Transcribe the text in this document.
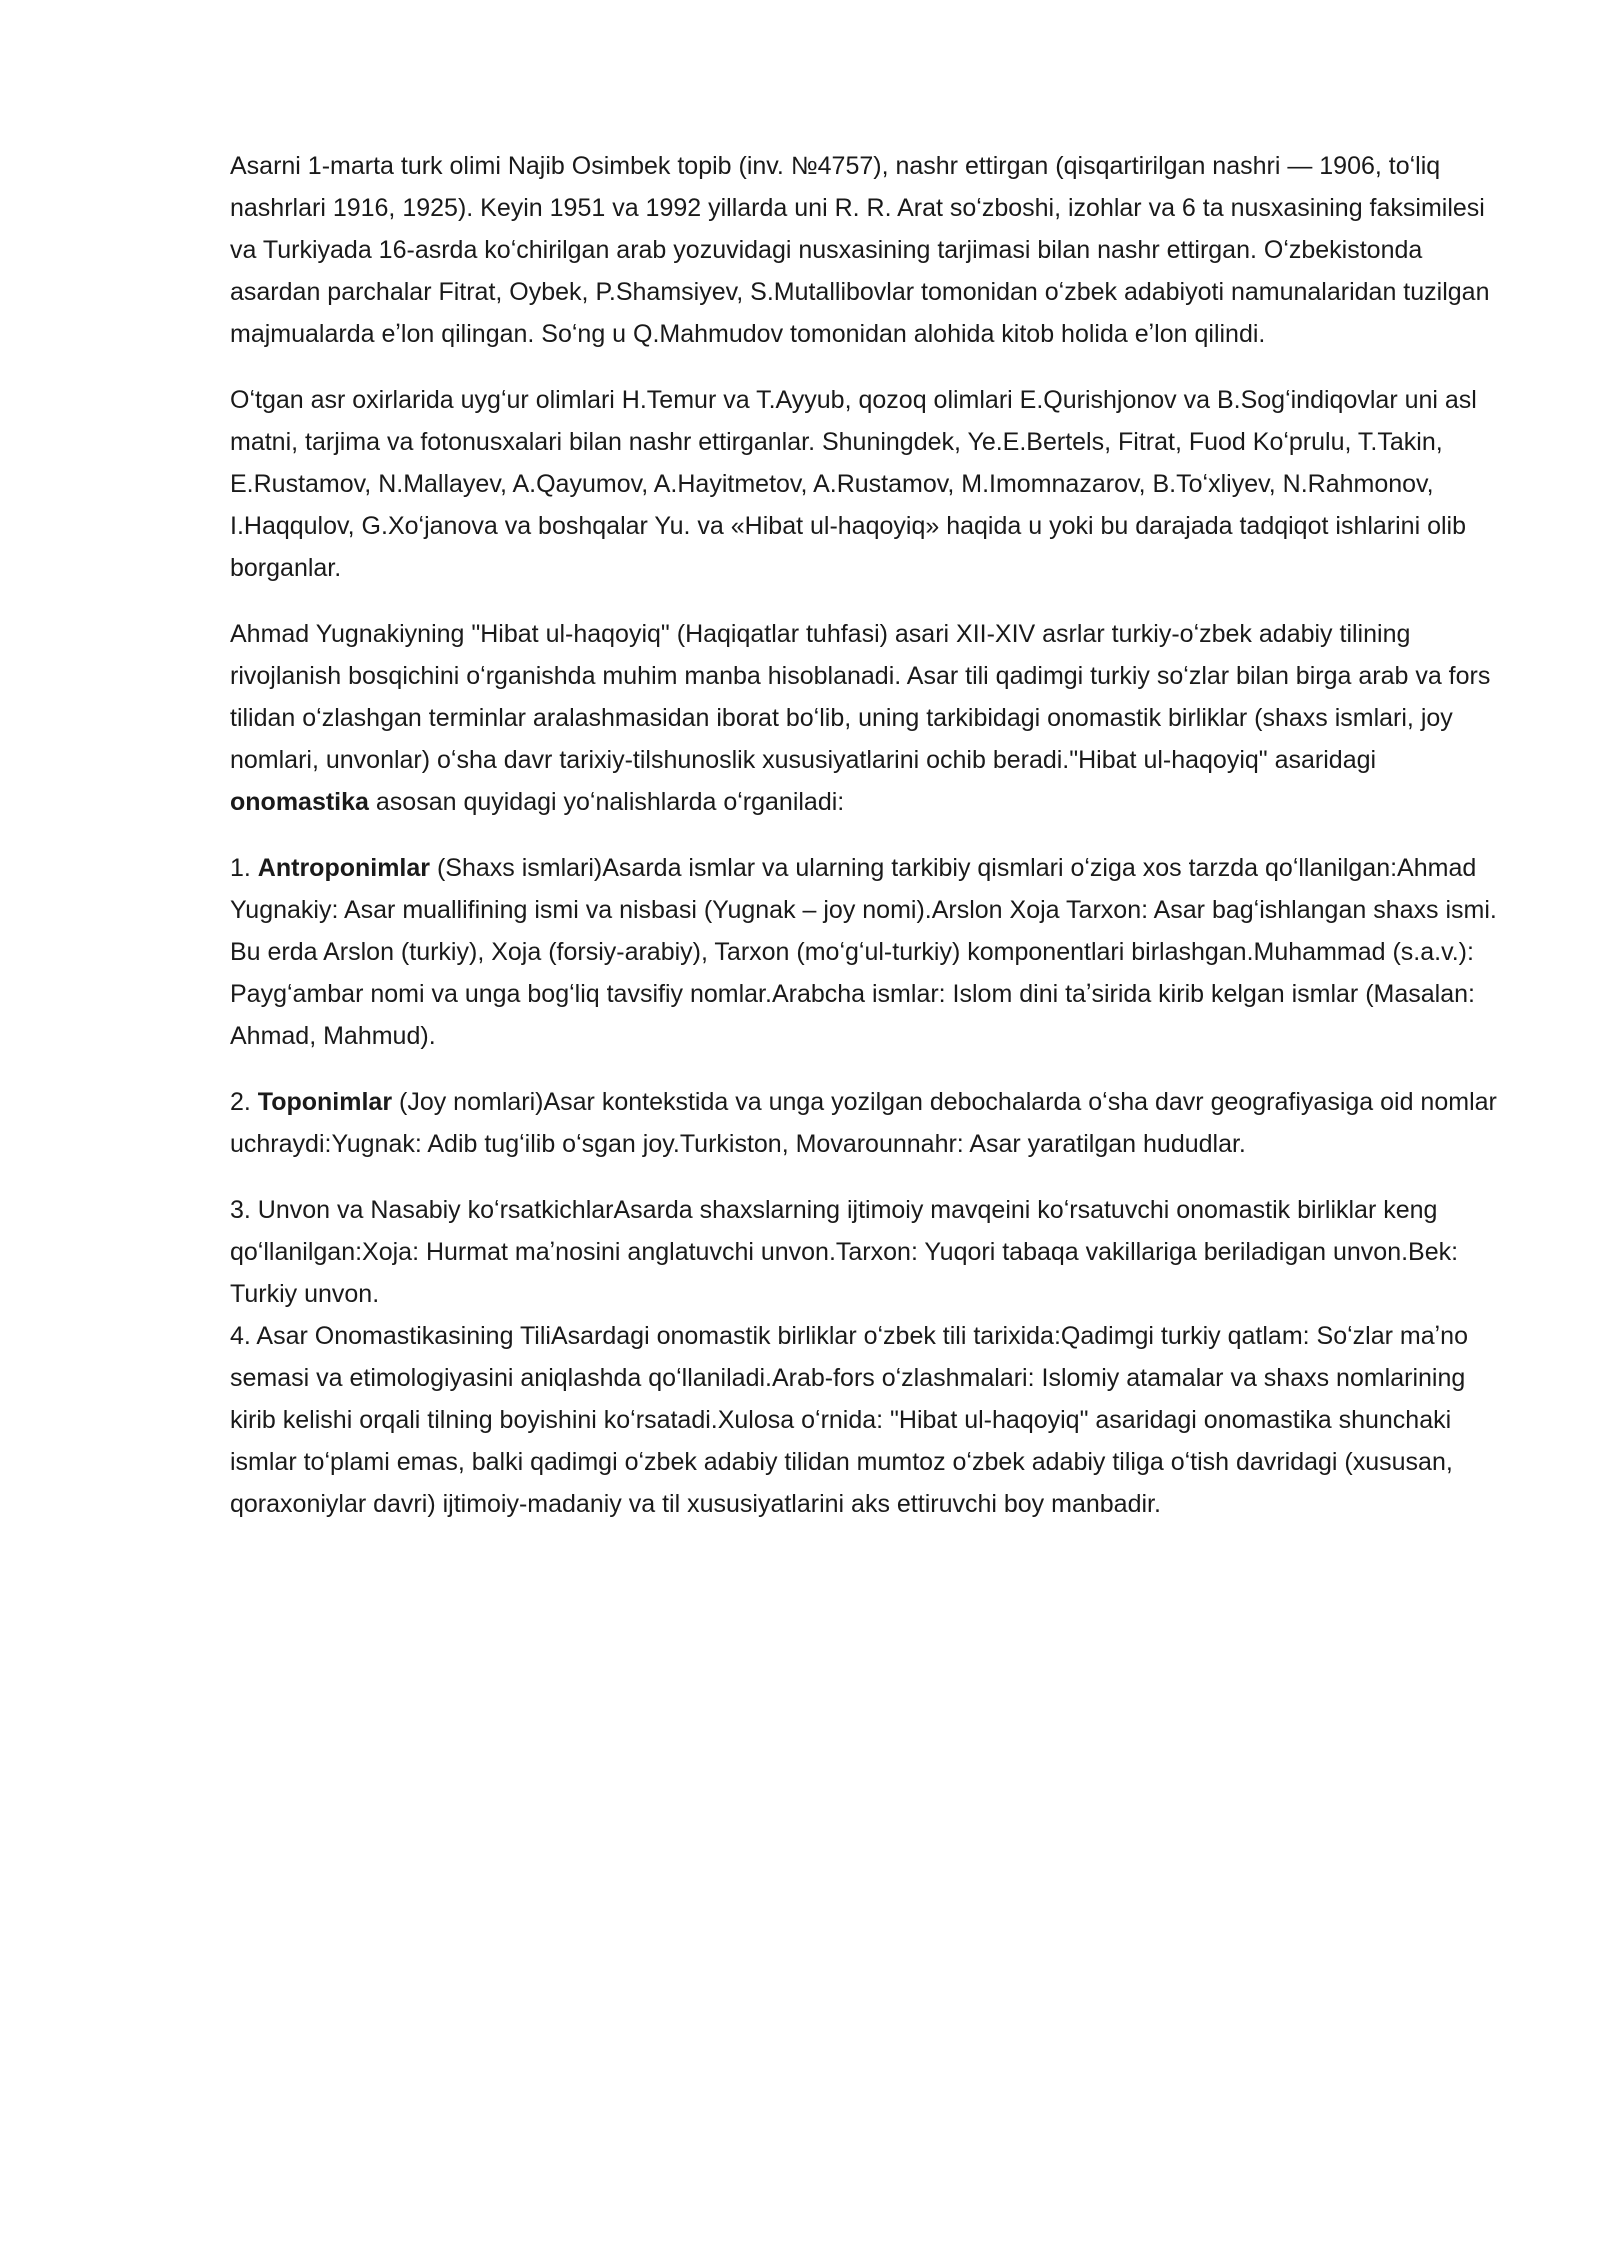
Asarni 1-marta turk olimi Najib Osimbek topib (inv. №4757), nashr ettirgan (qisqartirilgan nashri — 1906, toʻliq nashrlari 1916, 1925). Keyin 1951 va 1992 yillarda uni R. R. Arat soʻzboshi, izohlar va 6 ta nusxasining faksimilesi va Turkiyada 16-asrda koʻchirilgan arab yozuvidagi nusxasining tarjimasi bilan nashr ettirgan. Oʻzbekistonda asardan parchalar Fitrat, Oybek, P.Shamsiyev, S.Mutallibovlar tomonidan oʻzbek adabiyoti namunalaridan tuzilgan majmualarda eʼlon qilingan. Soʻng u Q.Mahmudov tomonidan alohida kitob holida eʼlon qilindi.

Oʻtgan asr oxirlarida uygʻur olimlari H.Temur va T.Ayyub, qozoq olimlari E.Qurishjonov va B.Sogʻindiqovlar uni asl matni, tarjima va fotonusxalari bilan nashr ettirganlar. Shuningdek, Ye.E.Bertels, Fitrat, Fuod Koʻprulu, T.Takin, E.Rustamov, N.Mallayev, A.Qayumov, A.Hayitmetov, A.Rustamov, M.Imomnazarov, B.Toʻxliyev, N.Rahmonov, I.Haqqulov, G.Xoʻjanova va boshqalar Yu. va «Hibat ul-haqoyiq» haqida u yoki bu darajada tadqiqot ishlarini olib borganlar.

Ahmad Yugnakiyning "Hibat ul-haqoyiq" (Haqiqatlar tuhfasi) asari XII-XIV asrlar turkiy-oʻzbek adabiy tilining rivojlanish bosqichini oʻrganishda muhim manba hisoblanadi. Asar tili qadimgi turkiy soʻzlar bilan birga arab va fors tilidan oʻzlashgan terminlar aralashmasidan iborat boʻlib, uning tarkibidagi onomastik birliklar (shaxs ismlari, joy nomlari, unvonlar) oʻsha davr tarixiy-tilshunoslik xususiyatlarini ochib beradi."Hibat ul-haqoyiq" asaridagi onomastika asosan quyidagi yoʻnalishlarda oʻrganiladi:

1. Antroponimlar (Shaxs ismlari)Asarda ismlar va ularning tarkibiy qismlari oʻziga xos tarzda qoʻllanilgan:Ahmad Yugnakiy: Asar muallifining ismi va nisbasi (Yugnak – joy nomi).Arslon Xoja Tarxon: Asar bagʻishlangan shaxs ismi. Bu erda Arslon (turkiy), Xoja (forsiy-arabiy), Tarxon (moʻgʻul-turkiy) komponentlari birlashgan.Muhammad (s.a.v.): Paygʻambar nomi va unga bogʻliq tavsifiy nomlar.Arabcha ismlar: Islom dini taʼsirida kirib kelgan ismlar (Masalan: Ahmad, Mahmud).

2. Toponimlar (Joy nomlari)Asar kontekstida va unga yozilgan debochalarda oʻsha davr geografiyasiga oid nomlar uchraydi:Yugnak: Adib tugʻilib oʻsgan joy.Turkiston, Movarounnahr: Asar yaratilgan hududlar.

3. Unvon va Nasabiy koʻrsatkichlarAsarda shaxslarning ijtimoiy mavqeini koʻrsatuvchi onomastik birliklar keng qoʻllanilgan:Xoja: Hurmat maʼnosini anglatuvchi unvon.Tarxon: Yuqori tabaqa vakillariga beriladigan unvon.Bek: Turkiy unvon.

4. Asar Onomastikasining TiliAsardagi onomastik birliklar oʻzbek tili tarixida:Qadimgi turkiy qatlam: Soʻzlar maʼno semasi va etimologiyasini aniqlashda qoʻllaniladi.Arab-fors oʻzlashmalari: Islomiy atamalar va shaxs nomlarining kirib kelishi orqali tilning boyishini koʻrsatadi.Xulosa oʻrnida: "Hibat ul-haqoyiq" asaridagi onomastika shunchaki ismlar toʻplami emas, balki qadimgi oʻzbek adabiy tilidan mumtoz oʻzbek adabiy tiliga oʻtish davridagi (xususan, qoraxoniylar davri) ijtimoiy-madaniy va til xususiyatlarini aks ettiruvchi boy manbadir.
